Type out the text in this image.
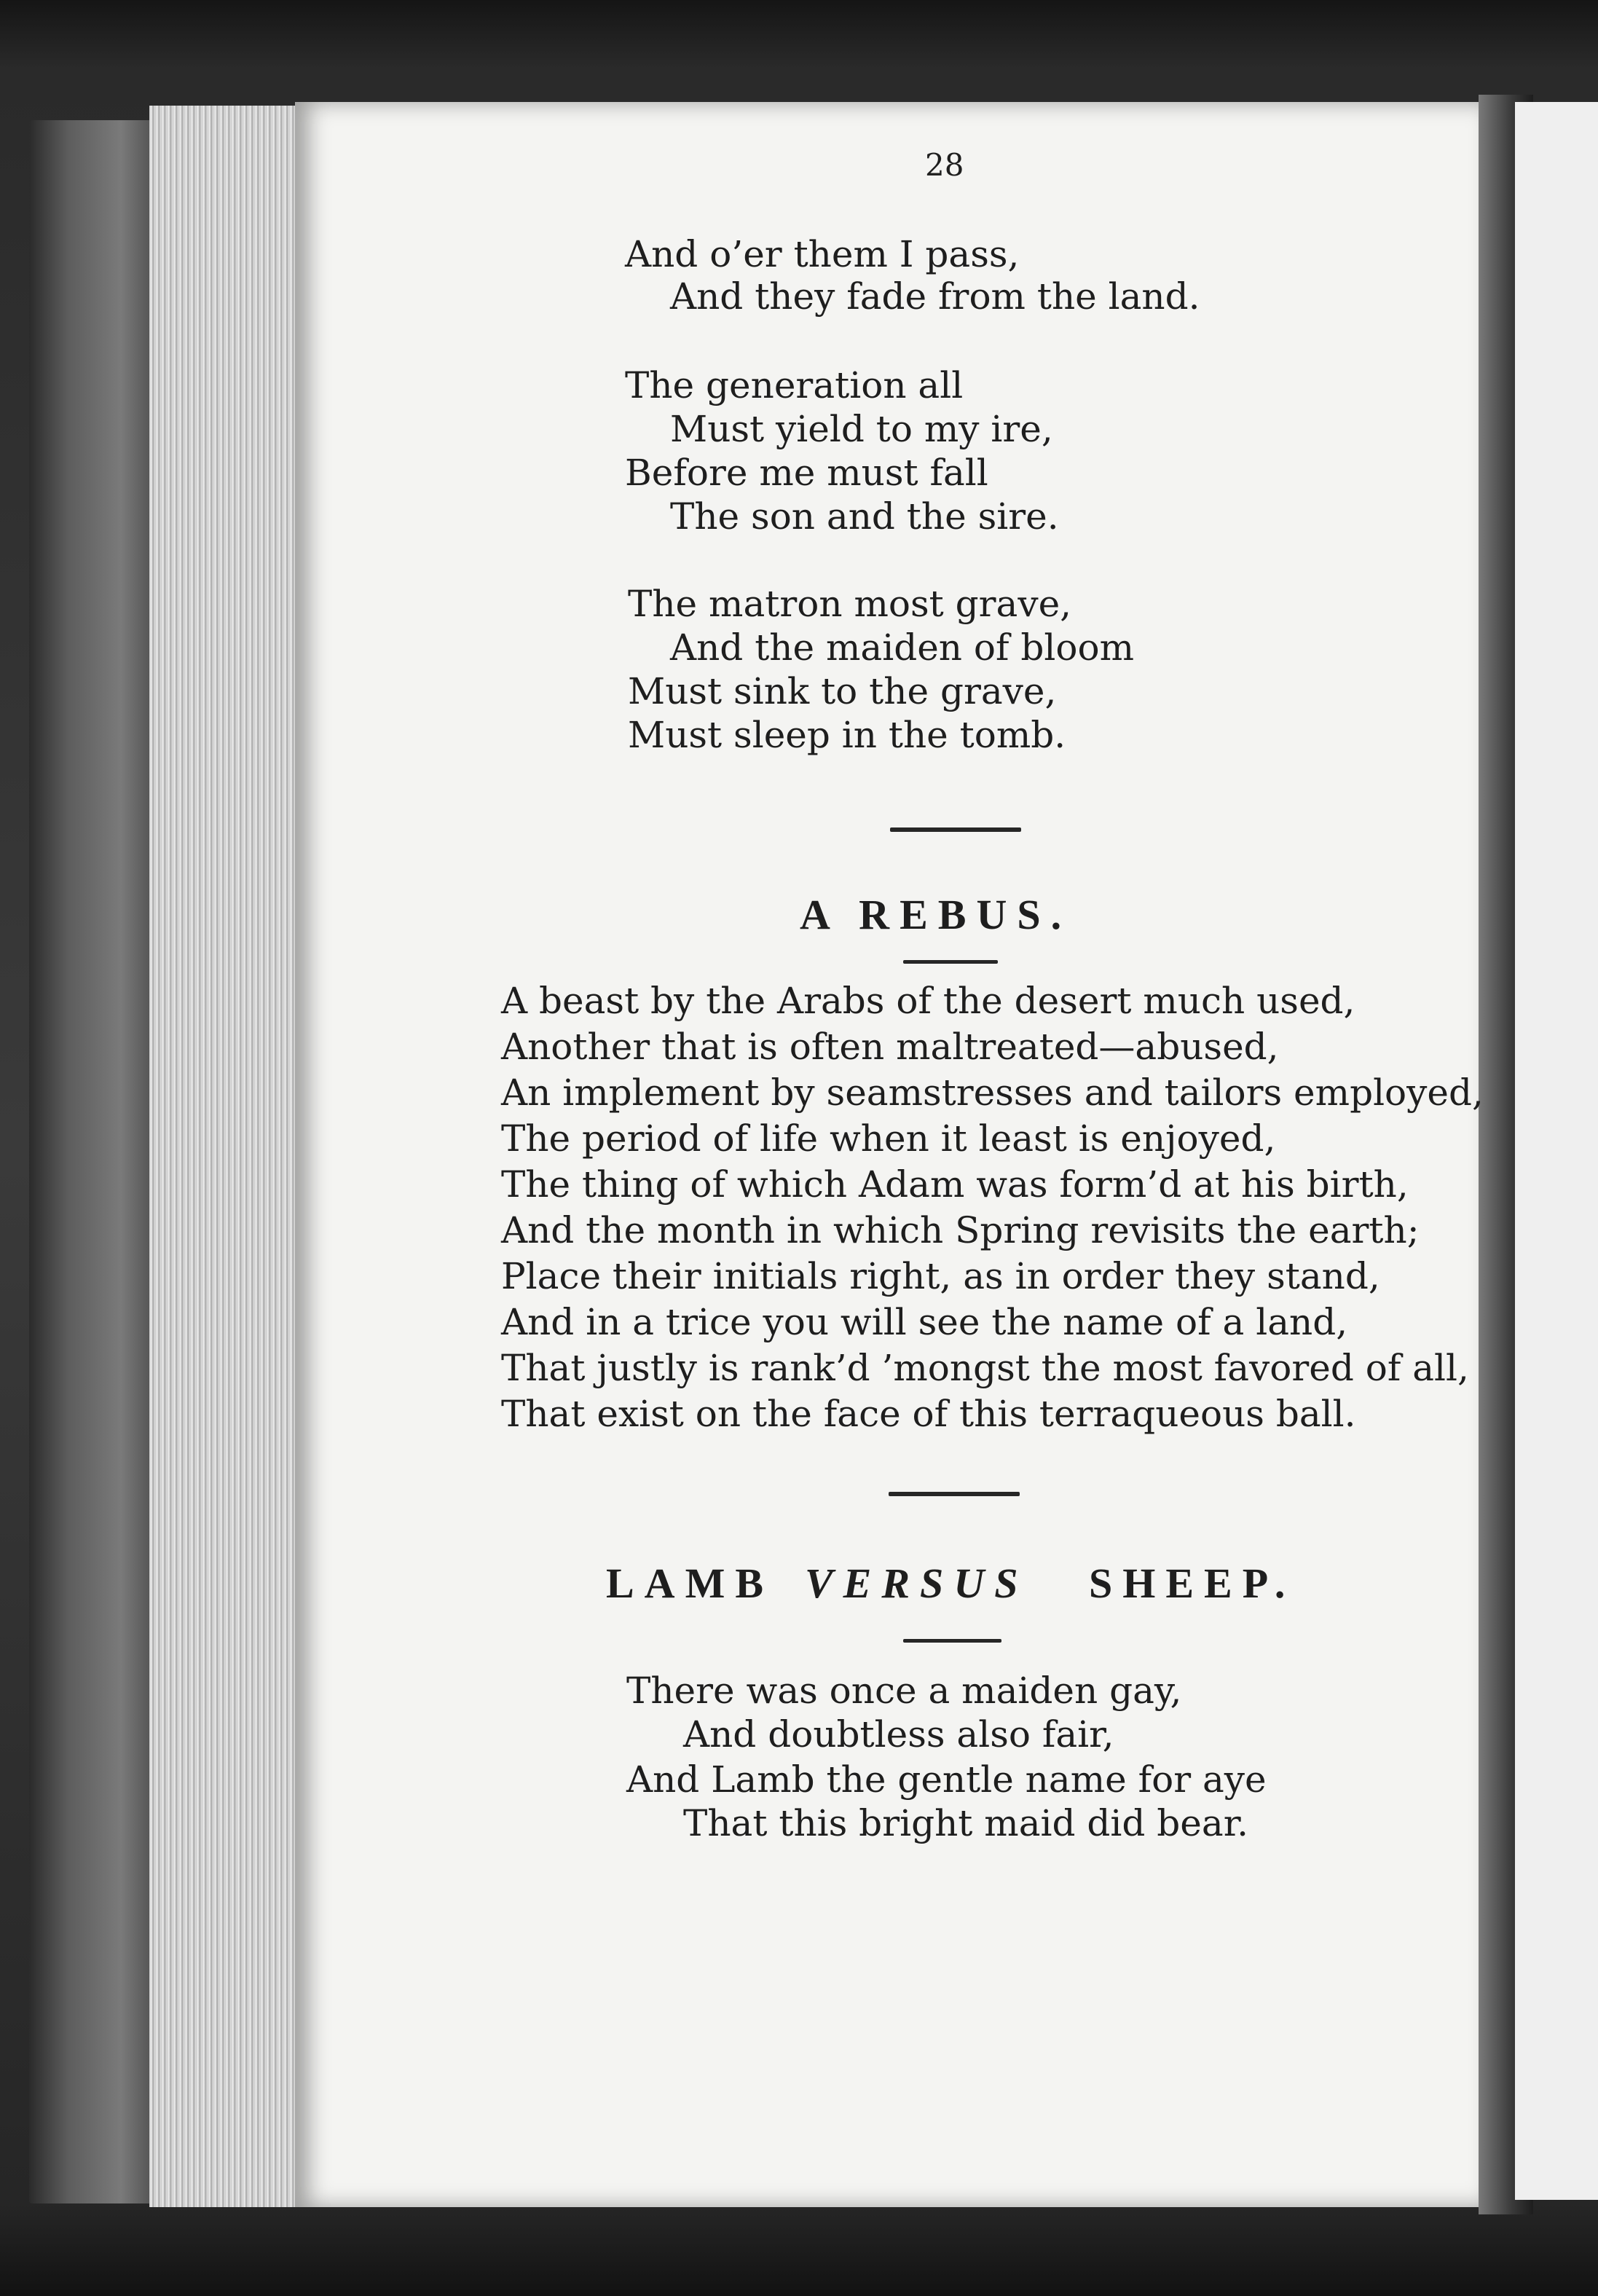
28

And o’er them I pass,

And they fade from the land.

The generation all

Must yield to my ire,

Before me must fall

The son and the sire.

The matron most grave,

And the maiden of bloom

Must sink to the grave,

Must sleep in the tomb.

A REBUS.

A beast by the Arabs of the desert much used,

Another that is often maltreated—abused,

An implement by seamstresses and tailors employed,

The period of life when it least is enjoyed,

The thing of which Adam was form’d at his birth,

And the month in which Spring revisits the earth;

Place their initials right, as in order they stand,

And in a trice you will see the name of a land,

That justly is rank’d ’mongst the most favored of all,

That exist on the face of this terraqueous ball.

LAMB VERSUS SHEEP.

There was once a maiden gay,

And doubtless also fair,

And Lamb the gentle name for aye

That this bright maid did bear.
